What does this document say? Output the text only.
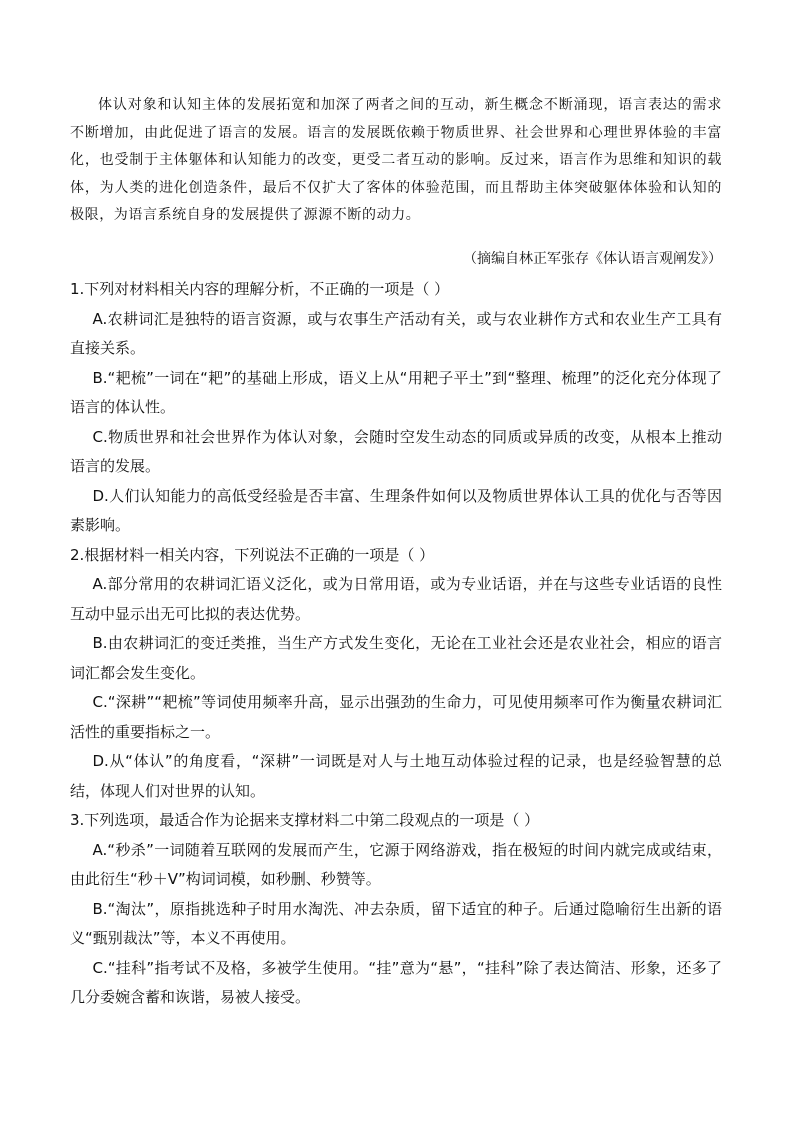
体认对象和认知主体的发展拓宽和加深了两者之间的互动，新生概念不断涌现，语言表达的需求不断增加，由此促进了语言的发展。语言的发展既依赖于物质世界、社会世界和心理世界体验的丰富化，也受制于主体躯体和认知能力的改变，更受二者互动的影响。反过来，语言作为思维和知识的载体，为人类的进化创造条件，最后不仅扩大了客体的体验范围，而且帮助主体突破躯体体验和认知的极限，为语言系统自身的发展提供了源源不断的动力。

（摘编自林正军张存《体认语言观阐发》）

1.下列对材料相关内容的理解分析，不正确的一项是（ ）

A.农耕词汇是独特的语言资源，或与农事生产活动有关，或与农业耕作方式和农业生产工具有直接关系。

B.“耙梳”一词在“耙”的基础上形成，语义上从“用耙子平土”到“整理、梳理”的泛化充分体现了语言的体认性。

C.物质世界和社会世界作为体认对象，会随时空发生动态的同质或异质的改变，从根本上推动语言的发展。

D.人们认知能力的高低受经验是否丰富、生理条件如何以及物质世界体认工具的优化与否等因素影响。

2.根据材料一相关内容，下列说法不正确的一项是（ ）

A.部分常用的农耕词汇语义泛化，或为日常用语，或为专业话语，并在与这些专业话语的良性互动中显示出无可比拟的表达优势。

B.由农耕词汇的变迁类推，当生产方式发生变化，无论在工业社会还是农业社会，相应的语言词汇都会发生变化。

C.“深耕”“耙梳”等词使用频率升高，显示出强劲的生命力，可见使用频率可作为衡量农耕词汇活性的重要指标之一。

D.从“体认”的角度看，“深耕”一词既是对人与土地互动体验过程的记录，也是经验智慧的总结，体现人们对世界的认知。

3.下列选项，最适合作为论据来支撑材料二中第二段观点的一项是（ ）

A.“秒杀”一词随着互联网的发展而产生，它源于网络游戏，指在极短的时间内就完成或结束，由此衍生“秒＋V”构词词模，如秒删、秒赞等。

B.“淘汰”，原指挑选种子时用水淘洗、冲去杂质，留下适宜的种子。后通过隐喻衍生出新的语义“甄别裁汰”等，本义不再使用。

C.“挂科”指考试不及格，多被学生使用。“挂”意为“悬”，“挂科”除了表达简洁、形象，还多了几分委婉含蓄和诙谐，易被人接受。
